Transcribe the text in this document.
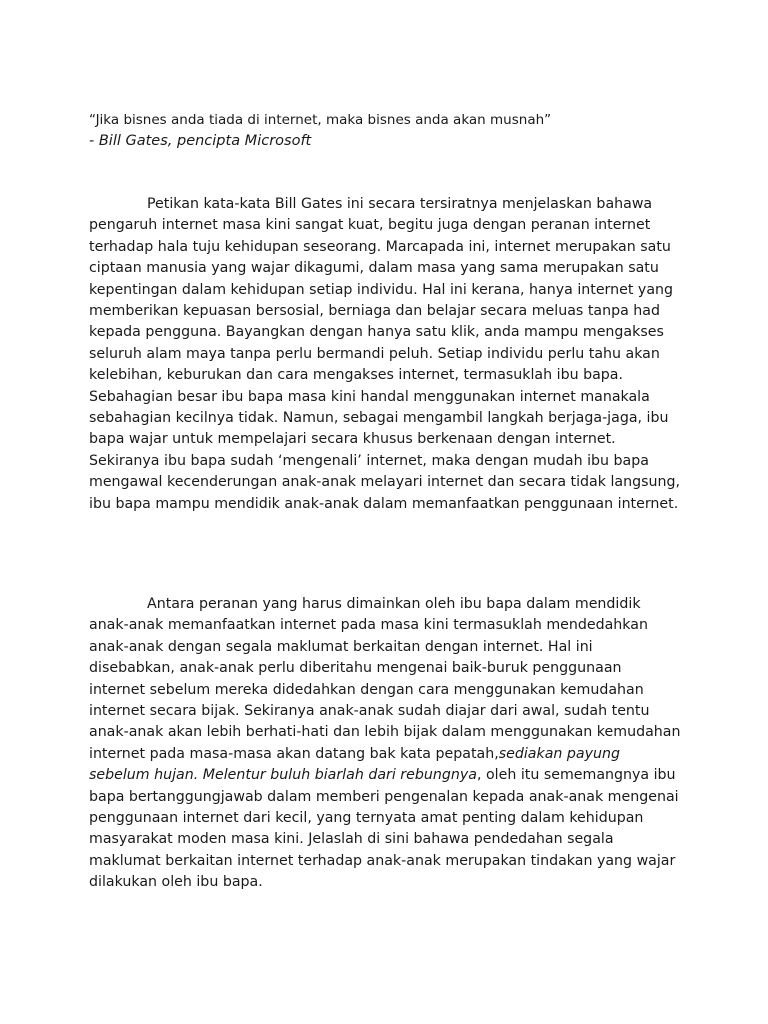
“Jika bisnes anda tiada di internet, maka bisnes anda akan musnah”

- Bill Gates, pencipta Microsoft

Petikan kata-kata Bill Gates ini secara tersiratnya menjelaskan bahawa pengaruh internet masa kini sangat kuat, begitu juga dengan peranan internet terhadap hala tuju kehidupan seseorang. Marcapada ini, internet merupakan satu ciptaan manusia yang wajar dikagumi, dalam masa yang sama merupakan satu kepentingan dalam kehidupan setiap individu. Hal ini kerana, hanya internet yang memberikan kepuasan bersosial, berniaga dan belajar secara meluas tanpa had kepada pengguna. Bayangkan dengan hanya satu klik, anda mampu mengakses seluruh alam maya tanpa perlu bermandi peluh. Setiap individu perlu tahu akan kelebihan, keburukan dan cara mengakses internet, termasuklah ibu bapa. Sebahagian besar ibu bapa masa kini handal menggunakan internet manakala sebahagian kecilnya tidak. Namun, sebagai mengambil langkah berjaga-jaga, ibu bapa wajar untuk mempelajari secara khusus berkenaan dengan internet. Sekiranya ibu bapa sudah ‘mengenali’ internet, maka dengan mudah ibu bapa mengawal kecenderungan anak-anak melayari internet dan secara tidak langsung, ibu bapa mampu mendidik anak-anak dalam memanfaatkan penggunaan internet.

Antara peranan yang harus dimainkan oleh ibu bapa dalam mendidik anak-anak memanfaatkan internet pada masa kini termasuklah mendedahkan anak-anak dengan segala maklumat berkaitan dengan internet. Hal ini disebabkan, anak-anak perlu diberitahu mengenai baik-buruk penggunaan internet sebelum mereka didedahkan dengan cara menggunakan kemudahan internet secara bijak. Sekiranya anak-anak sudah diajar dari awal, sudah tentu anak-anak akan lebih berhati-hati dan lebih bijak dalam menggunakan kemudahan internet pada masa-masa akan datang bak kata pepatah,sediakan payung sebelum hujan. Melentur buluh biarlah dari rebungnya, oleh itu sememangnya ibu bapa bertanggungjawab dalam memberi pengenalan kepada anak-anak mengenai penggunaan internet dari kecil, yang ternyata amat penting dalam kehidupan masyarakat moden masa kini. Jelaslah di sini bahawa pendedahan segala maklumat berkaitan internet terhadap anak-anak merupakan tindakan yang wajar dilakukan oleh ibu bapa.
